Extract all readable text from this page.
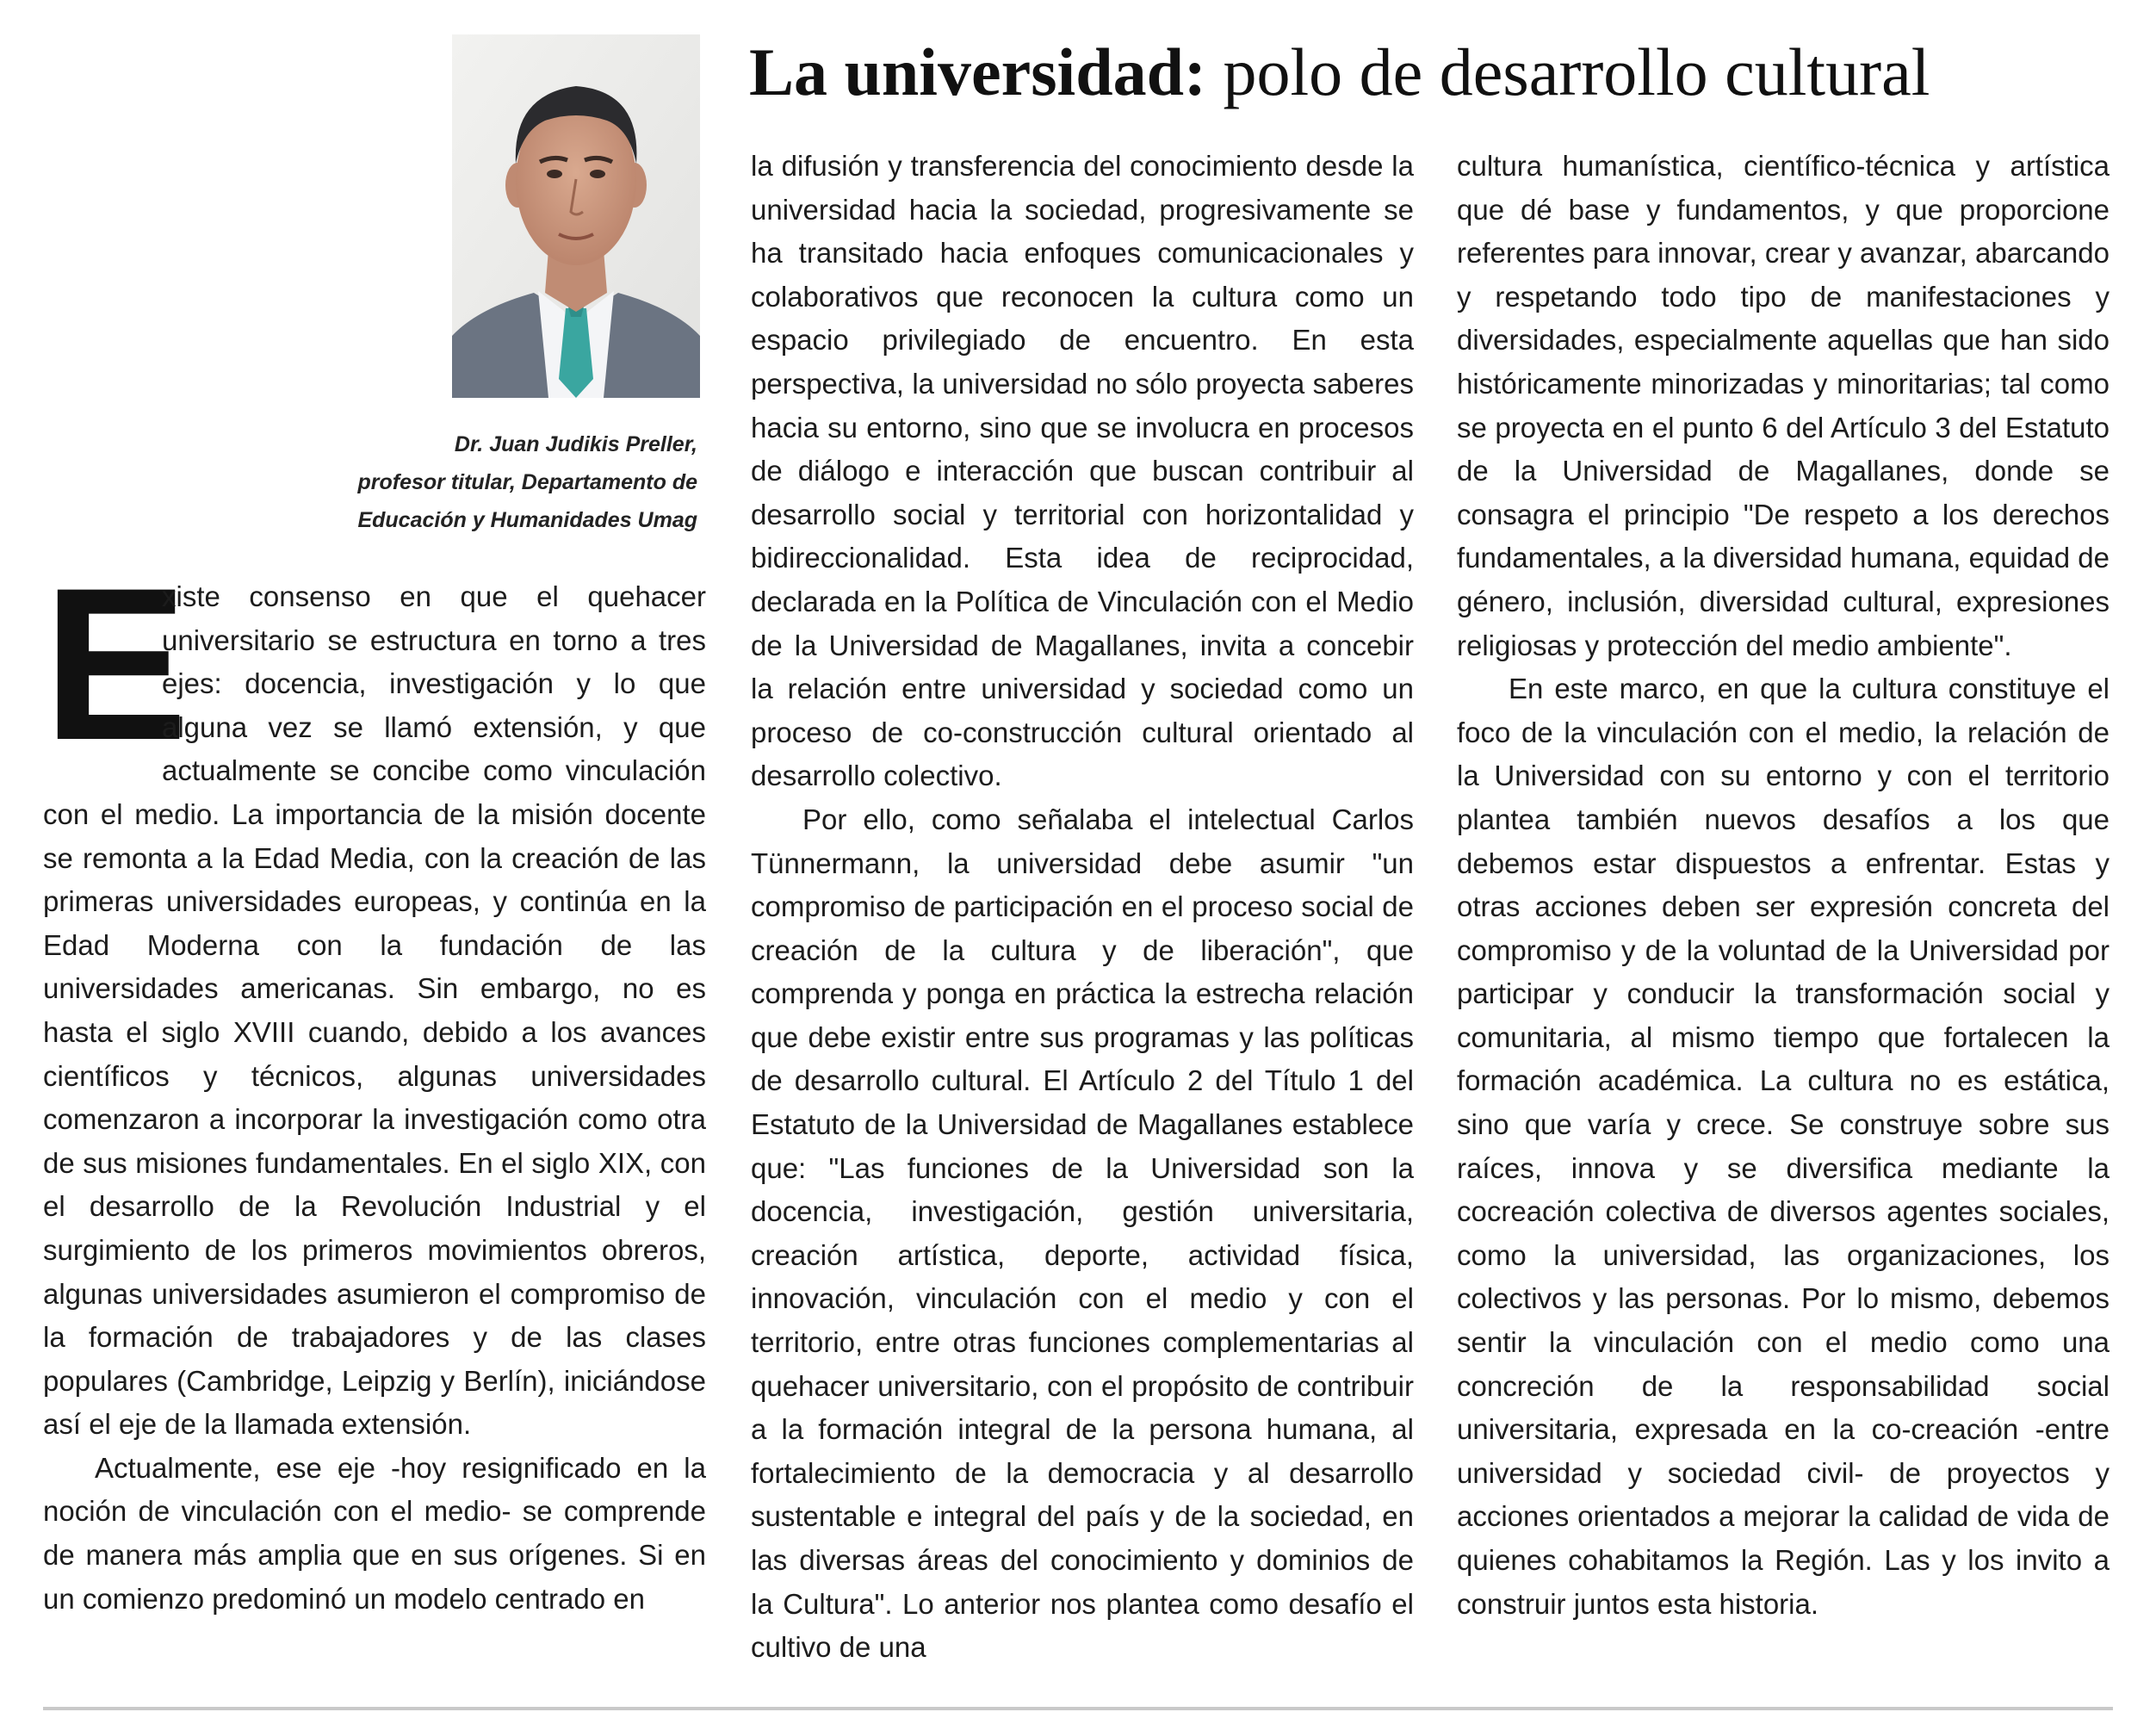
La universidad: polo de desarrollo cultural
Dr. Juan Judikis Preller,
profesor titular, Departamento de
Educación y Humanidades Umag

E
xiste consenso en que el quehacer universitario se estructura en torno a tres ejes: docencia, investigación y lo que alguna vez se llamó extensión, y que actualmente se concibe como vinculación con el medio. La importancia de la misión docente se remonta a la Edad Media, con la creación de las primeras universidades europeas, y continúa en la Edad Moderna con la fundación de las universidades americanas. Sin embargo, no es hasta el siglo XVIII cuando, debido a los avances científicos y técnicos, algunas universidades comenzaron a incorporar la investigación como otra de sus misiones fundamentales. En el siglo XIX, con el desarrollo de la Revolución Industrial y el surgimiento de los primeros movimientos obreros, algunas universidades asumieron el compromiso de la formación de trabajadores y de las clases populares (Cambridge, Leipzig y Berlín), iniciándose así el eje de la llamada extensión.

Actualmente, ese eje -hoy resignificado en la noción de vinculación con el medio- se comprende de manera más amplia que en sus orígenes. Si en un comienzo predominó un modelo centrado en

la difusión y transferencia del conocimiento desde la universidad hacia la sociedad, progresivamente se ha transitado hacia enfoques comunicacionales y colaborativos que reconocen la cultura como un espacio privilegiado de encuentro. En esta perspectiva, la universidad no sólo proyecta saberes hacia su entorno, sino que se involucra en procesos de diálogo e interacción que buscan contribuir al desarrollo social y territorial con horizontalidad y bidireccionalidad. Esta idea de reciprocidad, declarada en la Política de Vinculación con el Medio de la Universidad de Magallanes, invita a concebir la relación entre universidad y sociedad como un proceso de co-construcción cultural orientado al desarrollo colectivo.

Por ello, como señalaba el intelectual Carlos Tünnermann, la universidad debe asumir "un compromiso de participación en el proceso social de creación de la cultura y de liberación", que comprenda y ponga en práctica la estrecha relación que debe existir entre sus programas y las políticas de desarrollo cultural. El Artículo 2 del Título 1 del Estatuto de la Universidad de Magallanes establece que: "Las funciones de la Universidad son la docencia, investigación, gestión universitaria, creación artística, deporte, actividad física, innovación, vinculación con el medio y con el territorio, entre otras funciones complementarias al quehacer universitario, con el propósito de contribuir a la formación integral de la persona humana, al fortalecimiento de la democracia y al desarrollo sustentable e integral del país y de la sociedad, en las diversas áreas del conocimiento y dominios de la Cultura". Lo anterior nos plantea como desafío el cultivo de una

cultura humanística, científico-técnica y artística que dé base y fundamentos, y que proporcione referentes para innovar, crear y avanzar, abarcando y respetando todo tipo de manifestaciones y diversidades, especialmente aquellas que han sido históricamente minorizadas y minoritarias; tal como se proyecta en el punto 6 del Artículo 3 del Estatuto de la Universidad de Magallanes, donde se consagra el principio "De respeto a los derechos fundamentales, a la diversidad humana, equidad de género, inclusión, diversidad cultural, expresiones religiosas y protección del medio ambiente".

En este marco, en que la cultura constituye el foco de la vinculación con el medio, la relación de la Universidad con su entorno y con el territorio plantea también nuevos desafíos a los que debemos estar dispuestos a enfrentar. Estas y otras acciones deben ser expresión concreta del compromiso y de la voluntad de la Universidad por participar y conducir la transformación social y comunitaria, al mismo tiempo que fortalecen la formación académica. La cultura no es estática, sino que varía y crece. Se construye sobre sus raíces, innova y se diversifica mediante la cocreación colectiva de diversos agentes sociales, como la universidad, las organizaciones, los colectivos y las personas. Por lo mismo, debemos sentir la vinculación con el medio como una concreción de la responsabilidad social universitaria, expresada en la co-creación -entre universidad y sociedad civil- de proyectos y acciones orientados a mejorar la calidad de vida de quienes cohabitamos la Región. Las y los invito a construir juntos esta historia.
